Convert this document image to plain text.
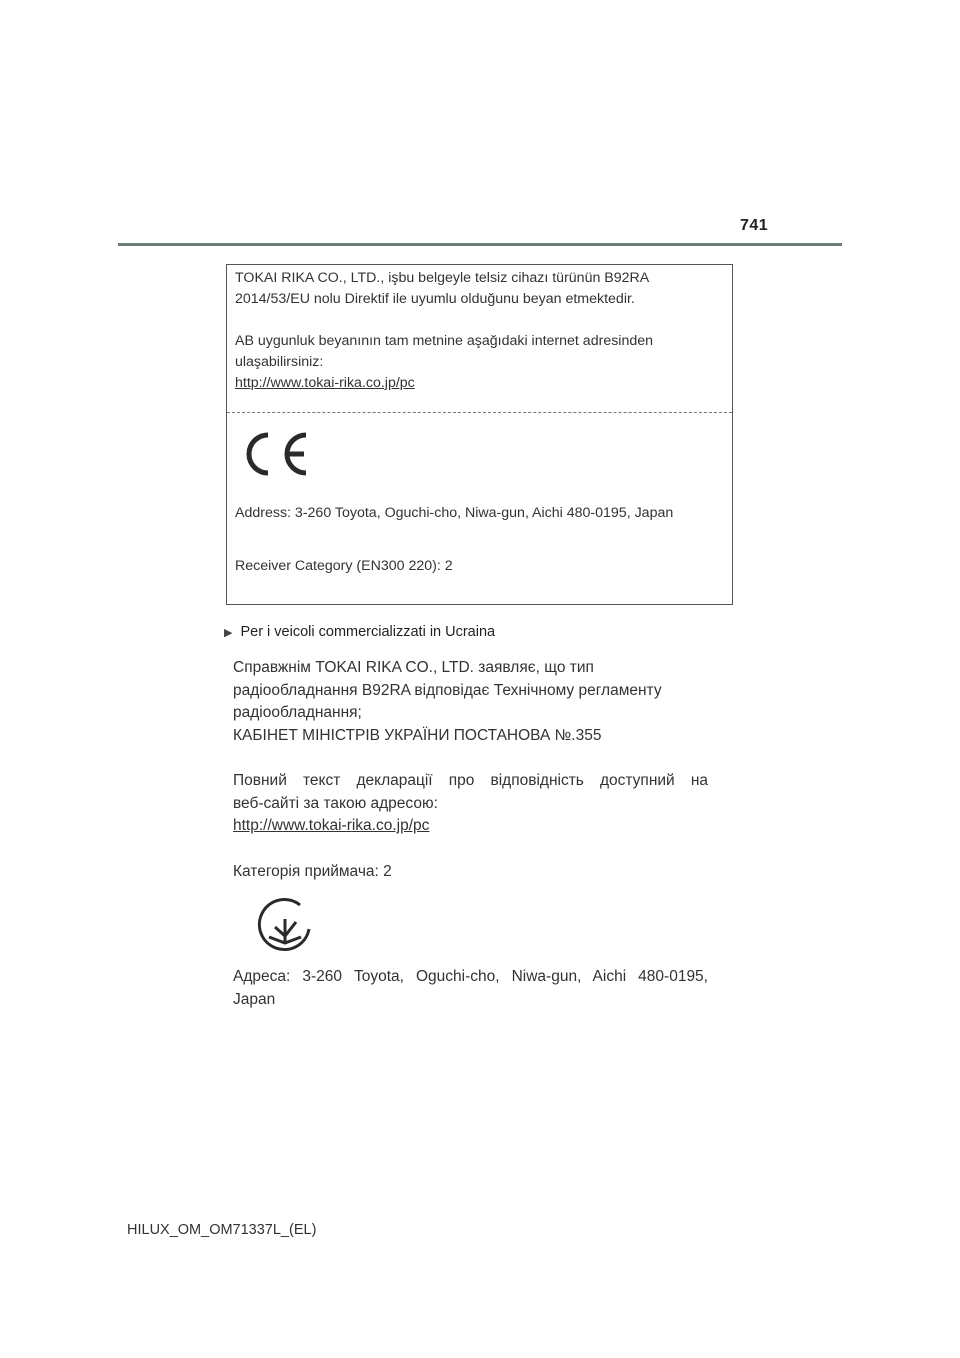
741
TOKAI RIKA CO., LTD., işbu belgeyle telsiz cihazı türünün B92RA
2014/53/EU nolu Direktif ile uyumlu olduğunu beyan etmektedir.
AB uygunluk beyanının tam metnine aşağıdaki internet adresinden
ulaşabilirsiniz:
http://www.tokai-rika.co.jp/pc
Address: 3-260 Toyota, Oguchi-cho, Niwa-gun, Aichi 480-0195, Japan
Receiver Category (EN300 220): 2
▶ Per i veicoli commercializzati in Ucraina
Справжнім TOKAI RIKA CO., LTD. заявляє, що тип
радіообладнання B92RA відповідає Технічному регламенту
радіообладнання;
КАБІНЕТ МІНІСТРІВ УКРАЇНИ ПОСТАНОВА №.355
Повний текст декларації про відповідність доступний на
веб-сайті за такою адресою:
http://www.tokai-rika.co.jp/pc
Категорія приймача: 2
Адреса: 3-260 Toyota, Oguchi-cho, Niwa-gun, Aichi 480-0195,
Japan
HILUX_OM_OM71337L_(EL)
